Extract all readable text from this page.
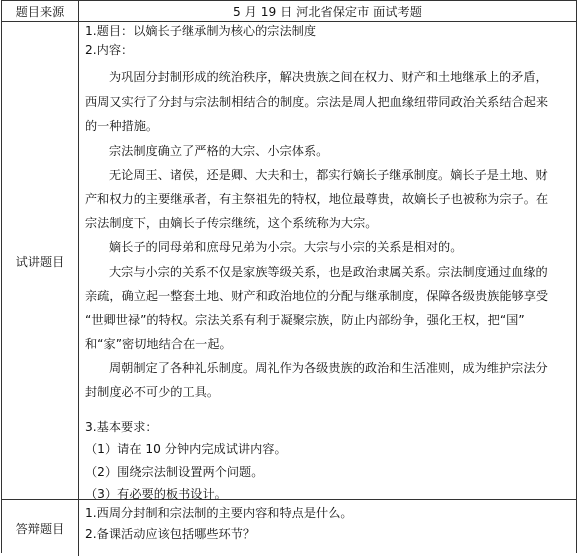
题目来源	5 月 19 日 河北省保定市 面试考题
试讲题目
1.题目：以嫡长子继承制为核心的宗法制度
2.内容：
为巩固分封制形成的统治秩序，解决贵族之间在权力、财产和土地继承上的矛盾，
西周又实行了分封与宗法制相结合的制度。宗法是周人把血缘纽带同政治关系结合起来
的一种措施。
宗法制度确立了严格的大宗、小宗体系。
无论周王、诸侯，还是卿、大夫和士，都实行嫡长子继承制度。嫡长子是土地、财
产和权力的主要继承者，有主祭祖先的特权，地位最尊贵，故嫡长子也被称为宗子。在
宗法制度下，由嫡长子传宗继统，这个系统称为大宗。
嫡长子的同母弟和庶母兄弟为小宗。大宗与小宗的关系是相对的。
大宗与小宗的关系不仅是家族等级关系，也是政治隶属关系。宗法制度通过血缘的
亲疏，确立起一整套土地、财产和政治地位的分配与继承制度，保障各级贵族能够享受
“世卿世禄”的特权。宗法关系有利于凝聚宗族，防止内部纷争，强化王权，把“国”
和“家”密切地结合在一起。
周朝制定了各种礼乐制度。周礼作为各级贵族的政治和生活准则，成为维护宗法分
封制度必不可少的工具。
3.基本要求：
（1）请在 10 分钟内完成试讲内容。
（2）围绕宗法制设置两个问题。
（3）有必要的板书设计。
答辩题目
1.西周分封制和宗法制的主要内容和特点是什么。
2.备课活动应该包括哪些环节？
